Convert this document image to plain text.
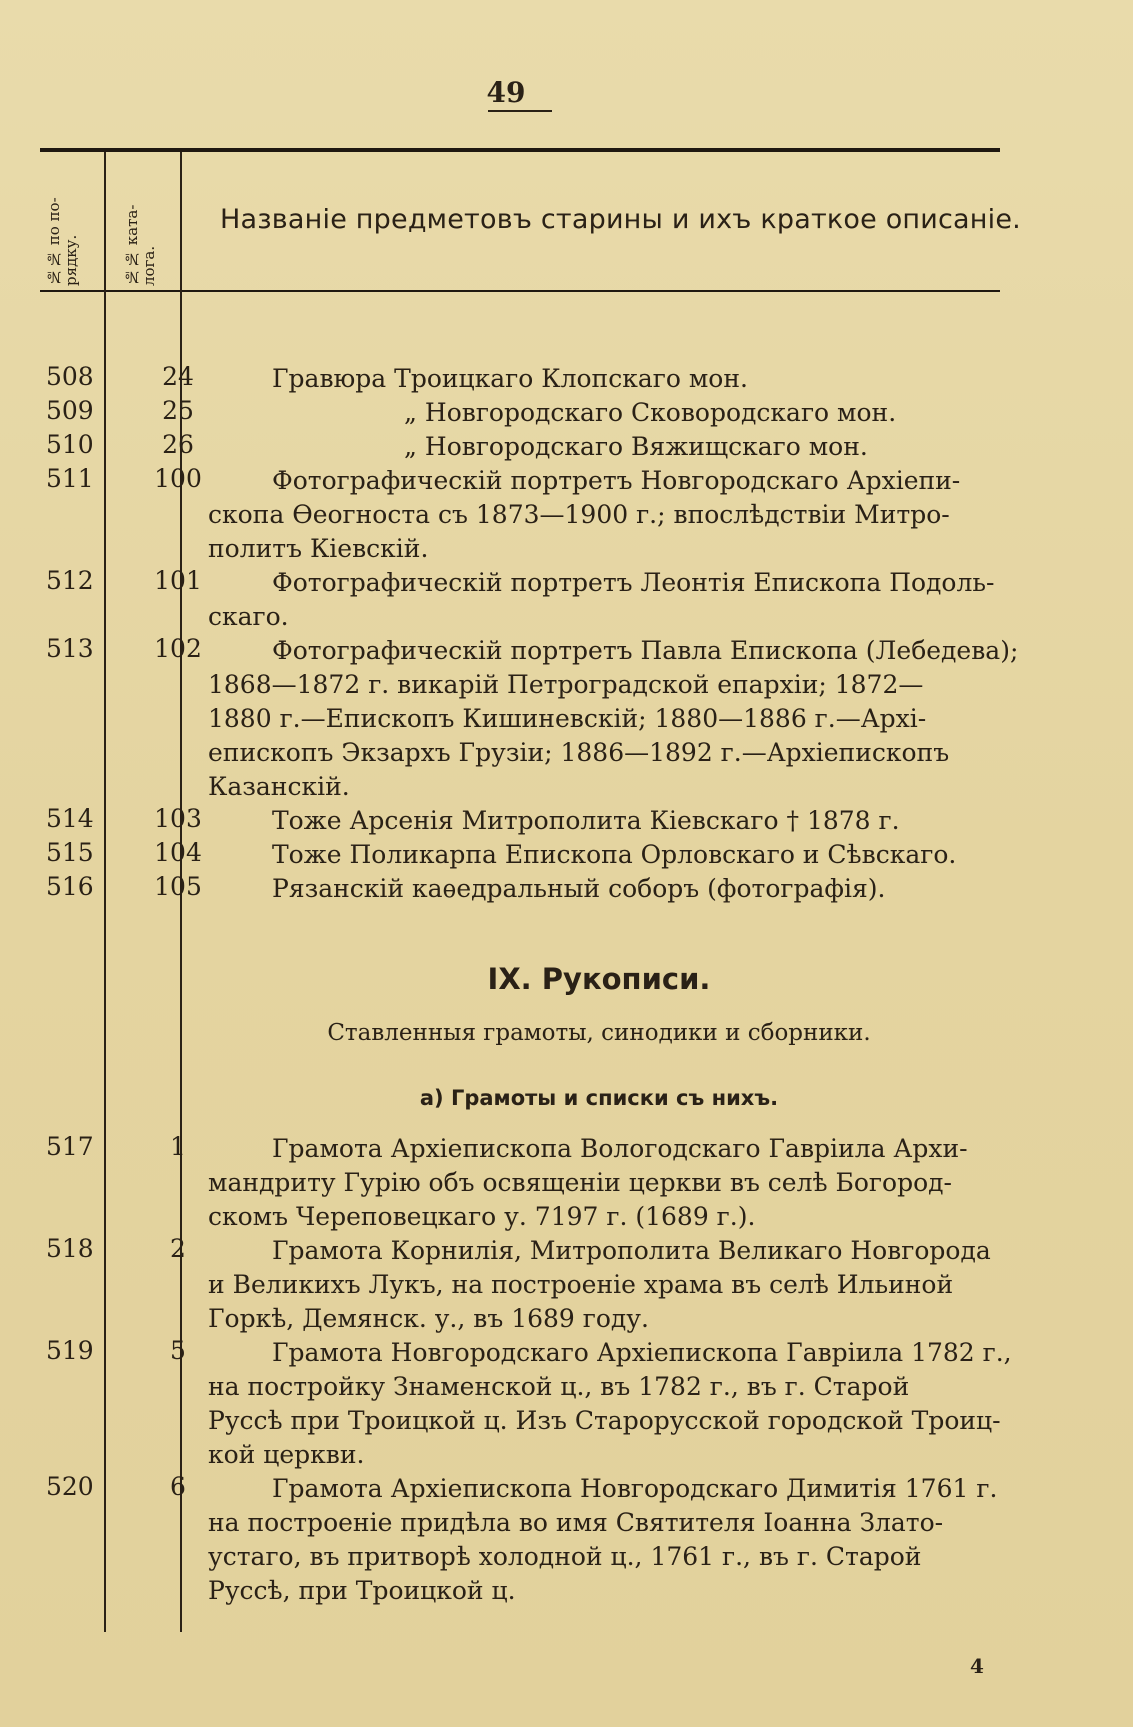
49
№№ по по-
рядку.	№№ ката-
лога.
Названіе предметовъ старины и ихъ краткое описаніе.
508	24	Гравюра Троицкаго Клопскаго мон.
509	25	„ Новгородскаго Сковородскаго мон.
510	26	„ Новгородскаго Вяжищскаго мон.
511	100	Фотографическій портретъ Новгородскаго Архіепи-
скопа Ѳеогноста съ 1873—1900 г.; впослѣдствіи Митро-
политъ Кіевскій.
512	101	Фотографическій портретъ Леонтія Епископа Подоль-
скаго.
513	102	Фотографическій портретъ Павла Епископа (Лебедева);
1868—1872 г. викарій Петроградской епархіи; 1872—
1880 г.—Епископъ Кишиневскій; 1880—1886 г.—Архі-
епископъ Экзархъ Грузіи; 1886—1892 г.—Архіепископъ
Казанскій.
514	103	Тоже Арсенія Митрополита Кіевскаго † 1878 г.
515	104	Тоже Поликарпа Епископа Орловскаго и Сѣвскаго.
516	105	Рязанскій каѳедральный соборъ (фотографія).
IX. Рукописи.
Ставленныя грамоты, синодики и сборники.
а) Грамоты и списки съ нихъ.
517	1	Грамота Архіепископа Вологодскаго Гавріила Архи-
мандриту Гурію объ освященіи церкви въ селѣ Богород-
скомъ Череповецкаго у. 7197 г. (1689 г.).
518	2	Грамота Корнилія, Митрополита Великаго Новгорода
и Великихъ Лукъ, на построеніе храма въ селѣ Ильиной
Горкѣ, Демянск. у., въ 1689 году.
519	5	Грамота Новгородскаго Архіепископа Гавріила 1782 г.,
на постройку Знаменской ц., въ 1782 г., въ г. Старой
Руссѣ при Троицкой ц. Изъ Старорусской городской Троиц-
кой церкви.
520	6	Грамота Архіепископа Новгородскаго Димитія 1761 г.
на построеніе придѣла во имя Святителя Іоанна Злато-
устаго, въ притворѣ холодной ц., 1761 г., въ г. Старой
Руссѣ, при Троицкой ц.
4
